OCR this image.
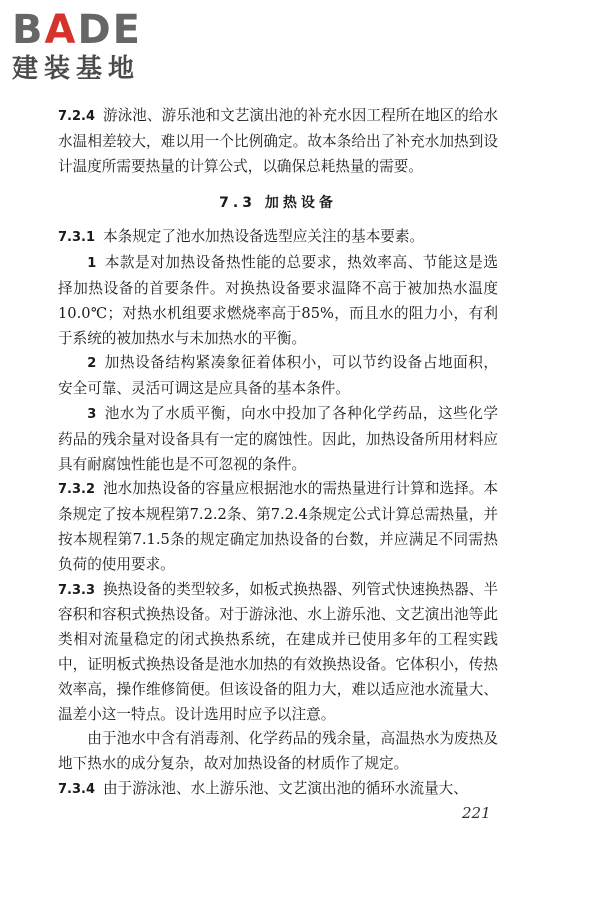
BADE
建装基地

7.2.4 游泳池、游乐池和文艺演出池的补充水因工程所在地区的给水水温相差较大，难以用一个比例确定。故本条给出了补充水加热到设计温度所需要热量的计算公式，以确保总耗热量的需要。

7.3 加热设备

7.3.1 本条规定了池水加热设备选型应关注的基本要素。

1 本款是对加热设备热性能的总要求，热效率高、节能这是选择加热设备的首要条件。对换热设备要求温降不高于被加热水温度10.0℃；对热水机组要求燃烧率高于85%，而且水的阻力小，有利于系统的被加热水与未加热水的平衡。

2 加热设备结构紧凑象征着体积小，可以节约设备占地面积，安全可靠、灵活可调这是应具备的基本条件。

3 池水为了水质平衡，向水中投加了各种化学药品，这些化学药品的残余量对设备具有一定的腐蚀性。因此，加热设备所用材料应具有耐腐蚀性能也是不可忽视的条件。

7.3.2 池水加热设备的容量应根据池水的需热量进行计算和选择。本条规定了按本规程第7.2.2条、第7.2.4条规定公式计算总需热量，并按本规程第7.1.5条的规定确定加热设备的台数，并应满足不同需热负荷的使用要求。

7.3.3 换热设备的类型较多，如板式换热器、列管式快速换热器、半容积和容积式换热设备。对于游泳池、水上游乐池、文艺演出池等此类相对流量稳定的闭式换热系统，在建成并已使用多年的工程实践中，证明板式换热设备是池水加热的有效换热设备。它体积小，传热效率高，操作维修简便。但该设备的阻力大，难以适应池水流量大、温差小这一特点。设计选用时应予以注意。

由于池水中含有消毒剂、化学药品的残余量，高温热水为废热及地下热水的成分复杂，故对加热设备的材质作了规定。

7.3.4 由于游泳池、水上游乐池、文艺演出池的循环水流量大、

221
